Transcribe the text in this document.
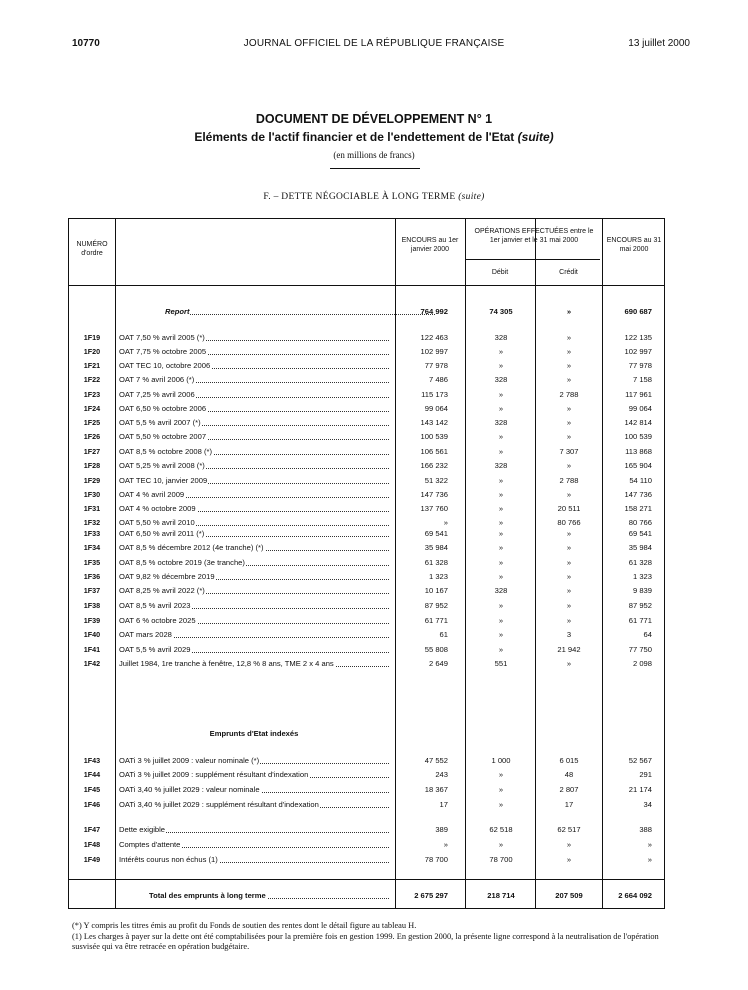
10770	JOURNAL OFFICIEL DE LA RÉPUBLIQUE FRANÇAISE	13 juillet 2000
DOCUMENT DE DÉVELOPPEMENT N° 1
Eléments de l'actif financier et de l'endettement de l'Etat (suite)
(en millions de francs)
F. – DETTE NÉGOCIABLE À LONG TERME (suite)
NUMÉRO d'ordre
ENCOURS au 1er janvier 2000
OPÉRATIONS EFFECTUÉES entre le 1er janvier et le 31 mai 2000
Débit	Crédit
ENCOURS au 31 mai 2000
Report	764 992	74 305	»	690 687
1F19	OAT 7,50 % avril 2005 (*)	122 463	328	»	122 135
1F20	OAT 7,75 % octobre 2005	102 997	»	»	102 997
1F21	OAT TEC 10, octobre 2006	77 978	»	»	77 978
1F22	OAT 7 % avril 2006 (*)	7 486	328	»	7 158
1F23	OAT 7,25 % avril 2006	115 173	»	2 788	117 961
1F24	OAT 6,50 % octobre 2006	99 064	»	»	99 064
1F25	OAT 5,5 % avril 2007 (*)	143 142	328	»	142 814
1F26	OAT 5,50 % octobre 2007	100 539	»	»	100 539
1F27	OAT 8,5 % octobre 2008 (*)	106 561	»	7 307	113 868
1F28	OAT 5,25 % avril 2008 (*)	166 232	328	»	165 904
1F29	OAT TEC 10, janvier 2009	51 322	»	2 788	54 110
1F30	OAT 4 % avril 2009	147 736	»	»	147 736
1F31	OAT 4 % octobre 2009	137 760	»	20 511	158 271
1F32	OAT 5,50 % avril 2010	»	»	80 766	80 766
1F33	OAT 6,50 % avril 2011 (*)	69 541	»	»	69 541
1F34	OAT 8,5 % décembre 2012 (4e tranche) (*)	35 984	»	»	35 984
1F35	OAT 8,5 % octobre 2019 (3e tranche)	61 328	»	»	61 328
1F36	OAT 9,82 % décembre 2019	1 323	»	»	1 323
1F37	OAT 8,25 % avril 2022 (*)	10 167	328	»	9 839
1F38	OAT 8,5 % avril 2023	87 952	»	»	87 952
1F39	OAT 6 % octobre 2025	61 771	»	»	61 771
1F40	OAT mars 2028	61	»	3	64
1F41	OAT 5,5 % avril 2029	55 808	»	21 942	77 750
1F42	Juillet 1984, 1re tranche à fenêtre, 12,8 % 8 ans, TME 2 x 4 ans	2 649	551	»	2 098
Emprunts d'Etat indexés
1F43	OATi 3 % juillet 2009 : valeur nominale (*)	47 552	1 000	6 015	52 567
1F44	OATi 3 % juillet 2009 : supplément résultant d'indexation	243	»	48	291
1F45	OATi 3,40 % juillet 2029 : valeur nominale	18 367	»	2 807	21 174
1F46	OATi 3,40 % juillet 2029 : supplément résultant d'indexation	17	»	17	34
1F47	Dette exigible	389	62 518	62 517	388
1F48	Comptes d'attente	»	»	»	»
1F49	Intérêts courus non échus (1)	78 700	78 700	»	»
Total des emprunts à long terme	2 675 297	218 714	207 509	2 664 092
(*) Y compris les titres émis au profit du Fonds de soutien des rentes dont le détail figure au tableau H.
(1) Les charges à payer sur la dette ont été comptabilisées pour la première fois en gestion 1999. En gestion 2000, la présente ligne correspond à la neutralisation de l'opération susvisée qui va être retracée en opération budgétaire.
